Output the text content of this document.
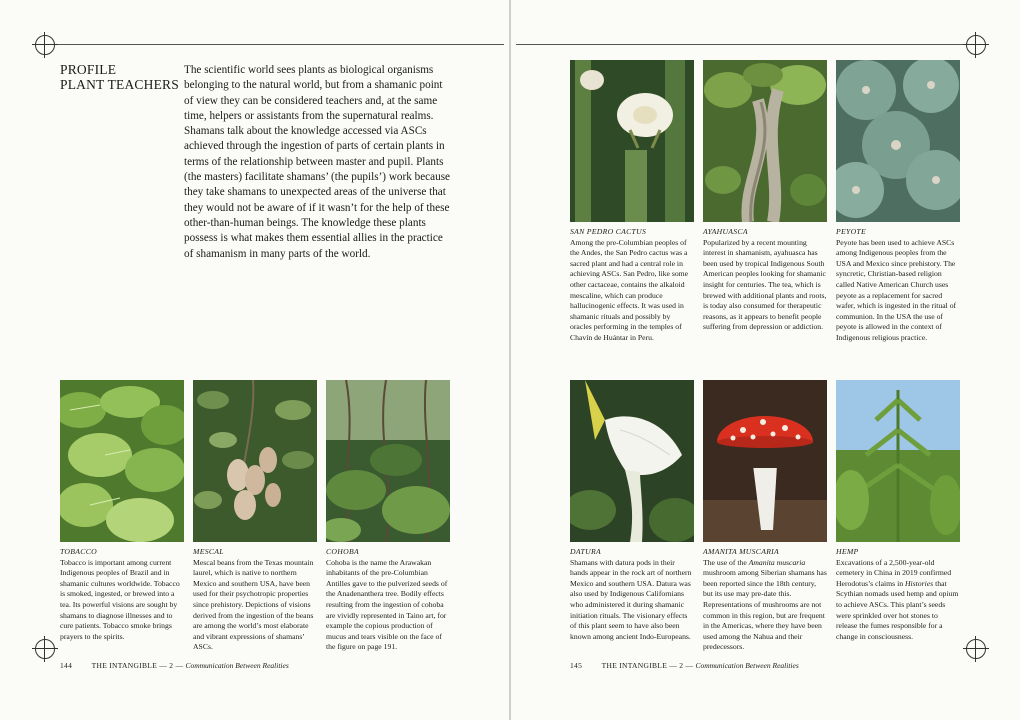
PROFILE
PLANT TEACHERS
The scientific world sees plants as biological organisms belonging to the natural world, but from a shamanic point of view they can be considered teachers and, at the same time, helpers or assistants from the supernatural realms. Shamans talk about the knowledge accessed via ASCs achieved through the ingestion of parts of certain plants in terms of the relationship between master and pupil. Plants (the masters) facilitate shamans’ (the pupils’) work because they take shamans to unexpected areas of the universe that they would not be aware of if it wasn’t for the help of these other-than-human beings. The knowledge these plants possess is what makes them essential allies in the practice of shamanism in many parts of the world.
TOBACCO
Tobacco is important among current Indigenous peoples of Brazil and in shamanic cultures worldwide. Tobacco is smoked, ingested, or brewed into a tea. Its powerful visions are sought by shamans to diagnose illnesses and to cure patients. Tobacco smoke brings prayers to the spirits.
MESCAL
Mescal beans from the Texas mountain laurel, which is native to northern Mexico and southern USA, have been used for their psychotropic properties since prehistory. Depictions of visions derived from the ingestion of the beans are among the world’s most elaborate and vibrant expressions of shamans’ ASCs.
COHOBA
Cohoba is the name the Arawakan inhabitants of the pre-Columbian Antilles gave to the pulverized seeds of the Anadenanthera tree. Bodily effects resulting from the ingestion of cohoba are vividly represented in Taino art, for example the copious production of mucus and tears visible on the face of the figure on page 191.
144	THE INTANGIBLE — 2 — Communication Between Realities
SAN PEDRO CACTUS
Among the pre-Columbian peoples of the Andes, the San Pedro cactus was a sacred plant and had a central role in achieving ASCs. San Pedro, like some other cactaceae, contains the alkaloid mescaline, which can produce hallucinogenic effects. It was used in shamanic rituals and possibly by oracles performing in the temples of Chavín de Huántar in Peru.
AYAHUASCA
Popularized by a recent mounting interest in shamanism, ayahuasca has been used by tropical Indigenous South American peoples looking for shamanic insight for centuries. The tea, which is brewed with additional plants and roots, is today also consumed for therapeutic reasons, as it appears to benefit people suffering from depression or addiction.
PEYOTE
Peyote has been used to achieve ASCs among Indigenous peoples from the USA and Mexico since prehistory. The syncretic, Christian-based religion called Native American Church uses peyote as a replacement for sacred wafer, which is ingested in the ritual of communion. In the USA the use of peyote is allowed in the context of Indigenous religious practice.
DATURA
Shamans with datura pods in their hands appear in the rock art of northern Mexico and southern USA. Datura was also used by Indigenous Californians who administered it during shamanic initiation rituals. The visionary effects of this plant seem to have also been known among ancient Indo-Europeans.
AMANITA MUSCARIA
The use of the Amanita muscaria mushroom among Siberian shamans has been reported since the 18th century, but its use may pre-date this. Representations of mushrooms are not common in this region, but are frequent in the Americas, where they have been used among the Nahua and their predecessors.
HEMP
Excavations of a 2,500-year-old cemetery in China in 2019 confirmed Herodotus’s claims in Histories that Scythian nomads used hemp and opium to achieve ASCs. This plant’s seeds were sprinkled over hot stones to release the fumes responsible for a change in consciousness.
145	THE INTANGIBLE — 2 — Communication Between Realities
